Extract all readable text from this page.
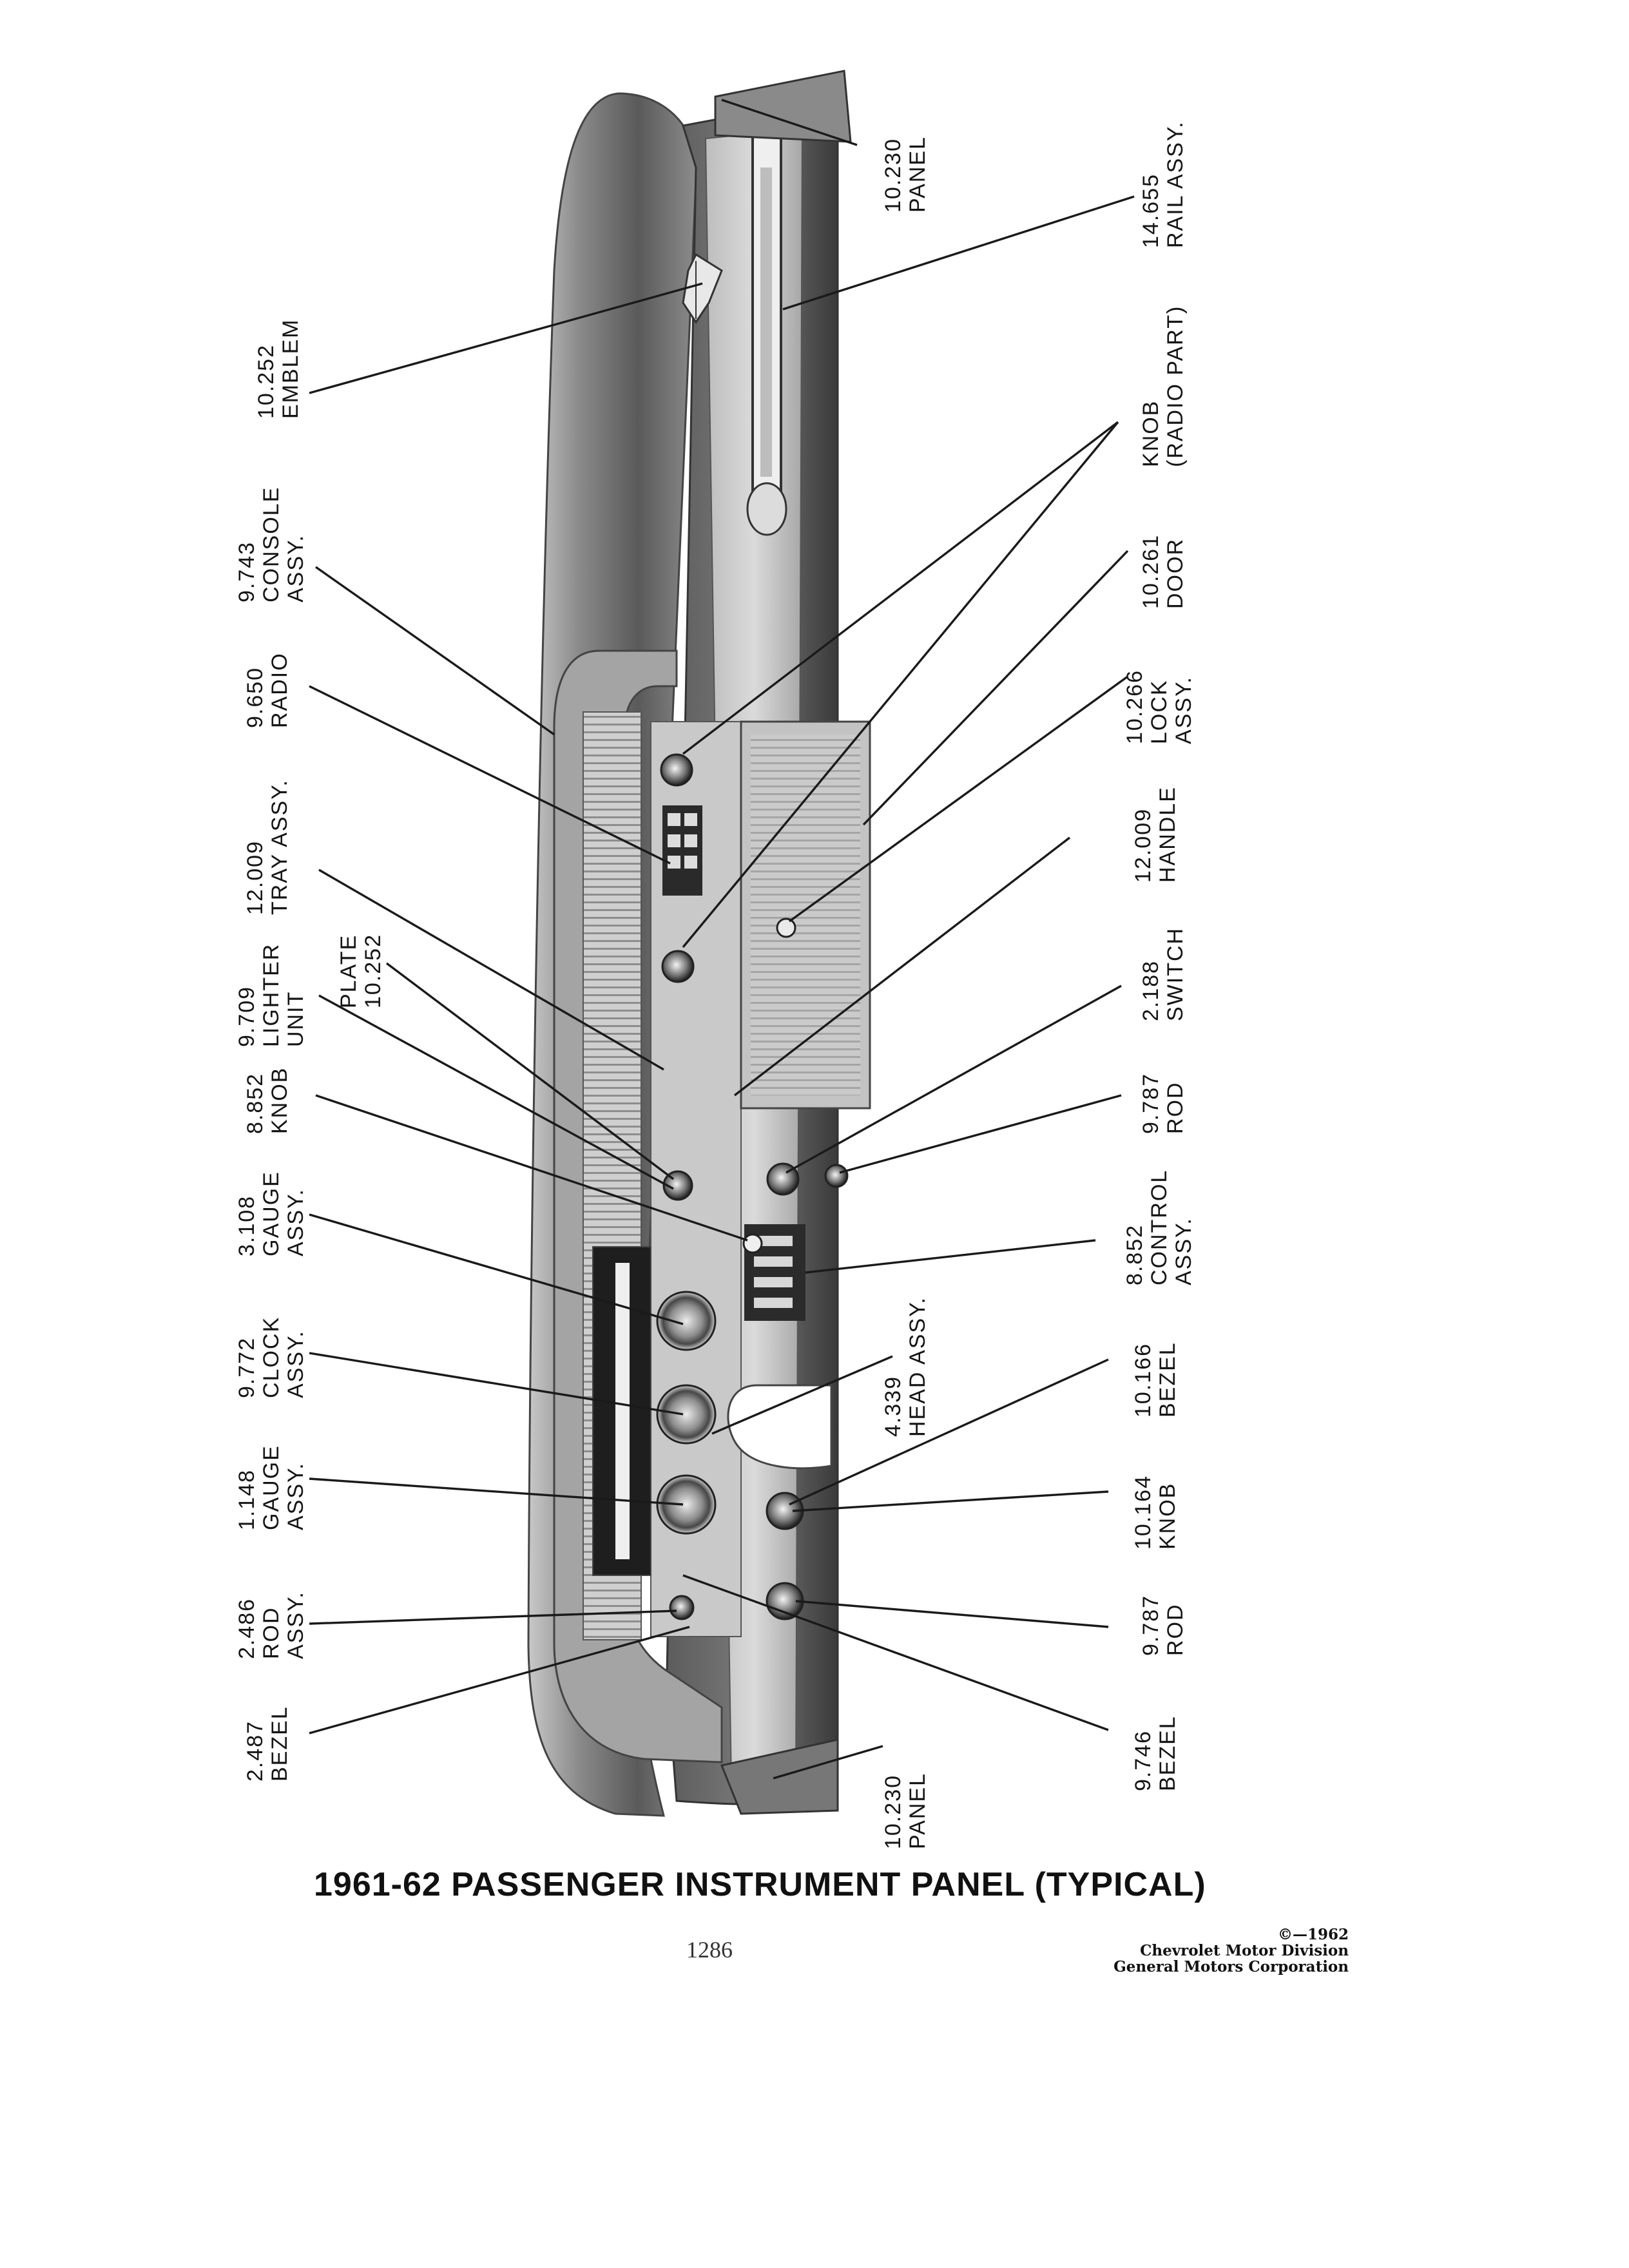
10.252EMBLEM
9.743CONSOLEASSY.
9.650RADIO
12.009TRAY ASSY.
PLATE10.252
9.709LIGHTERUNIT
8.852KNOB
3.108GAUGEASSY.
9.772CLOCKASSY.
1.148GAUGEASSY.
2.486RODASSY.
2.487BEZEL
10.230PANEL	14.655RAIL ASSY.
KNOB(RADIO PART)
10.261DOOR
10.266LOCKASSY.
12.009HANDLE
2.188SWITCH
9.787ROD
8.852CONTROLASSY.
10.166BEZEL
10.164KNOB
9.787ROD
9.746BEZEL
4.339HEAD ASSY.
10.230PANEL
1961-62 PASSENGER INSTRUMENT PANEL (TYPICAL)
1286
©—1962
Chevrolet Motor Division
General Motors Corporation
